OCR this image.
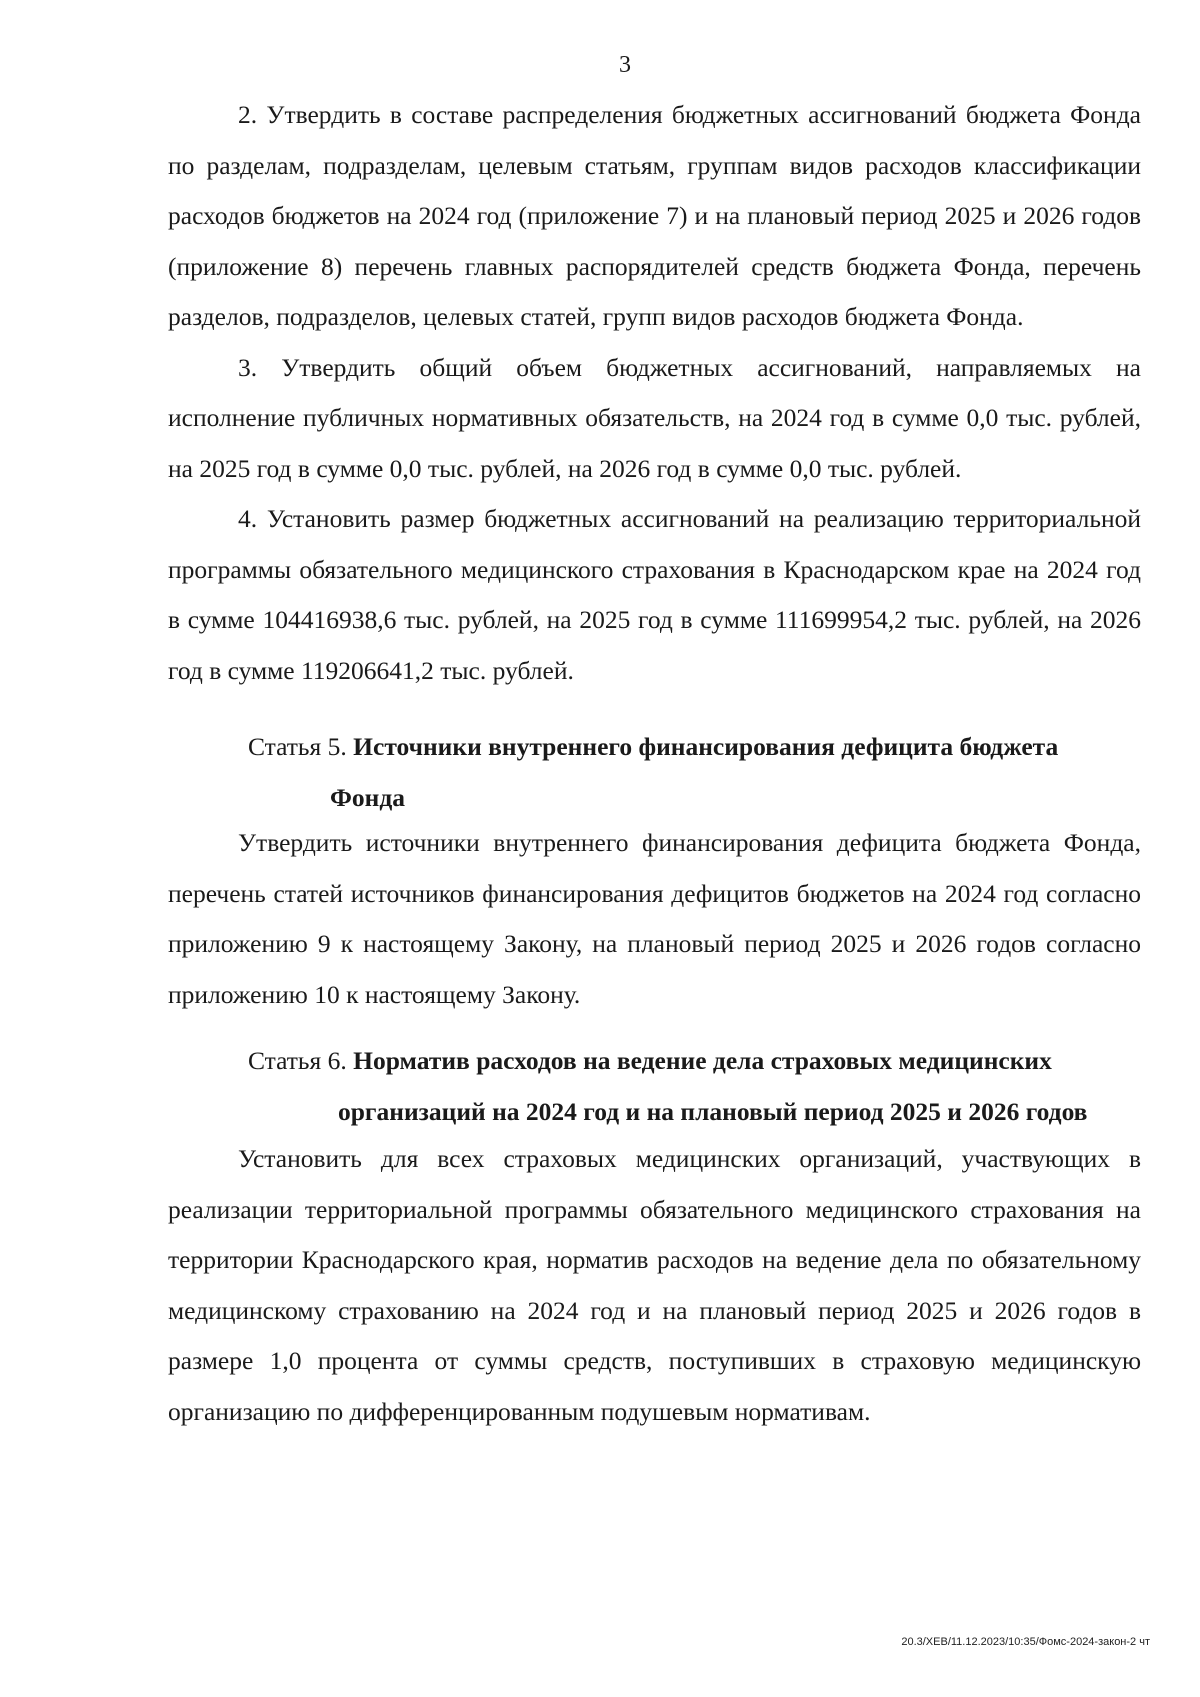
3

2. Утвердить в составе распределения бюджетных ассигнований бюджета Фонда по разделам, подразделам, целевым статьям, группам видов расходов классификации расходов бюджетов на 2024 год (приложение 7) и на плановый период 2025 и 2026 годов (приложение 8) перечень главных распорядителей средств бюджета Фонда, перечень разделов, подразделов, целевых статей, групп видов расходов бюджета Фонда.

3. Утвердить общий объем бюджетных ассигнований, направляемых на исполнение публичных нормативных обязательств, на 2024 год в сумме 0,0 тыс. рублей, на 2025 год в сумме 0,0 тыс. рублей, на 2026 год в сумме 0,0 тыс. рублей.

4. Установить размер бюджетных ассигнований на реализацию территориальной программы обязательного медицинского страхования в Краснодарском крае на 2024 год в сумме 104416938,6 тыс. рублей, на 2025 год в сумме 111699954,2 тыс. рублей, на 2026 год в сумме 119206641,2 тыс. рублей.

Статья 5. Источники внутреннего финансирования дефицита бюджета
Фонда

Утвердить источники внутреннего финансирования дефицита бюджета Фонда, перечень статей источников финансирования дефицитов бюджетов на 2024 год согласно приложению 9 к настоящему Закону, на плановый период 2025 и 2026 годов согласно приложению 10 к настоящему Закону.

Статья 6. Норматив расходов на ведение дела страховых медицинских
организаций на 2024 год и на плановый период 2025 и 2026 годов

Установить для всех страховых медицинских организаций, участвующих в реализации территориальной программы обязательного медицинского страхования на территории Краснодарского края, норматив расходов на ведение дела по обязательному медицинскому страхованию на 2024 год и на плановый период 2025 и 2026 годов в размере 1,0 процента от суммы средств, поступивших в страховую медицинскую организацию по дифференцированным подушевым нормативам.

20.3/ХЕВ/11.12.2023/10:35/Фомс-2024-закон-2 чт
